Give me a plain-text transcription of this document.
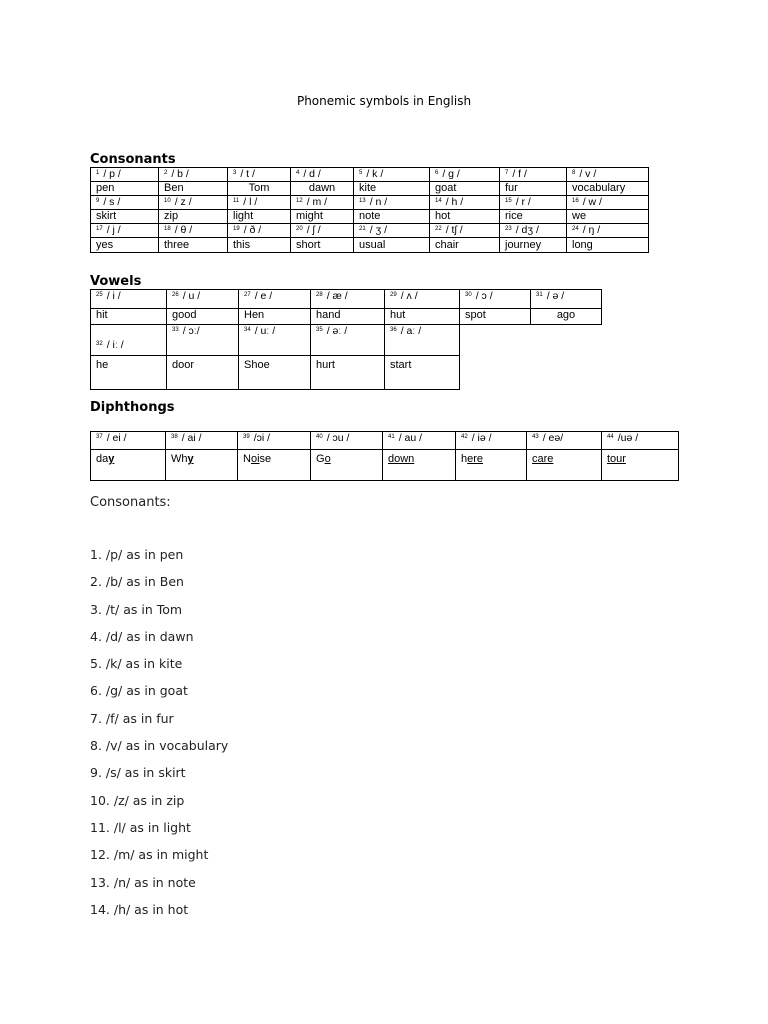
Phonemic symbols in English
Consonants
$^1$ / p /	$^2$ / b /	$^3$ / t /	$^4$ / d /	$^5$ / k /	$^6$ / g /	$^7$ / f /	$^8$ / v /
pen	Ben	Tom	dawn	kite	goat	fur	vocabulary
$^9$ / s /	$^{10}$ / z /	$^{11}$ / l /	$^{12}$ / m /	$^{13}$ / n /	$^{14}$ / h /	$^{15}$ / r /	$^{16}$ / w /
skirt	zip	light	might	note	hot	rice	we
$^{17}$ / j /	$^{18}$ / θ /	$^{19}$ / ð /	$^{20}$ / ʃ /	$^{21}$ / ʒ /	$^{22}$ / tʃ /	$^{23}$ / dʒ /	$^{24}$ / ŋ /
yes	three	this	short	usual	chair	journey	long
Vowels
$^{25}$ / i /	$^{26}$ / u /	$^{27}$ / e /	$^{28}$ / æ /	$^{29}$ / ʌ /	$^{30}$ / ɔ /	$^{31}$ / ə /
hit	good	Hen	hand	hut	spot	ago

$^{32}$ / iː /	$^{33}$ / ɔː/	$^{34}$ / uː /	$^{35}$ / əː /	$^{36}$ / aː /		
he	door	Shoe	hurt	start		
Diphthongs
$^{37}$ / ei /	$^{38}$ / ai /	$^{39}$ /ɔi /	$^{40}$ / ɔu /	$^{41}$ / au /	$^{42}$ / iə /	$^{43}$ / eə/	$^{44}$ /uə /
day	Why	Noise	Go	down	here	care	tour
Consonants:
1. /p/ as in pen
2. /b/ as in Ben
3. /t/ as in Tom
4. /d/ as in dawn
5. /k/ as in kite
6. /g/ as in goat
7. /f/ as in fur
8. /v/ as in vocabulary
9. /s/ as in skirt
10. /z/ as in zip
11. /l/ as in light
12. /m/ as in might
13. /n/ as in note
14. /h/ as in hot
